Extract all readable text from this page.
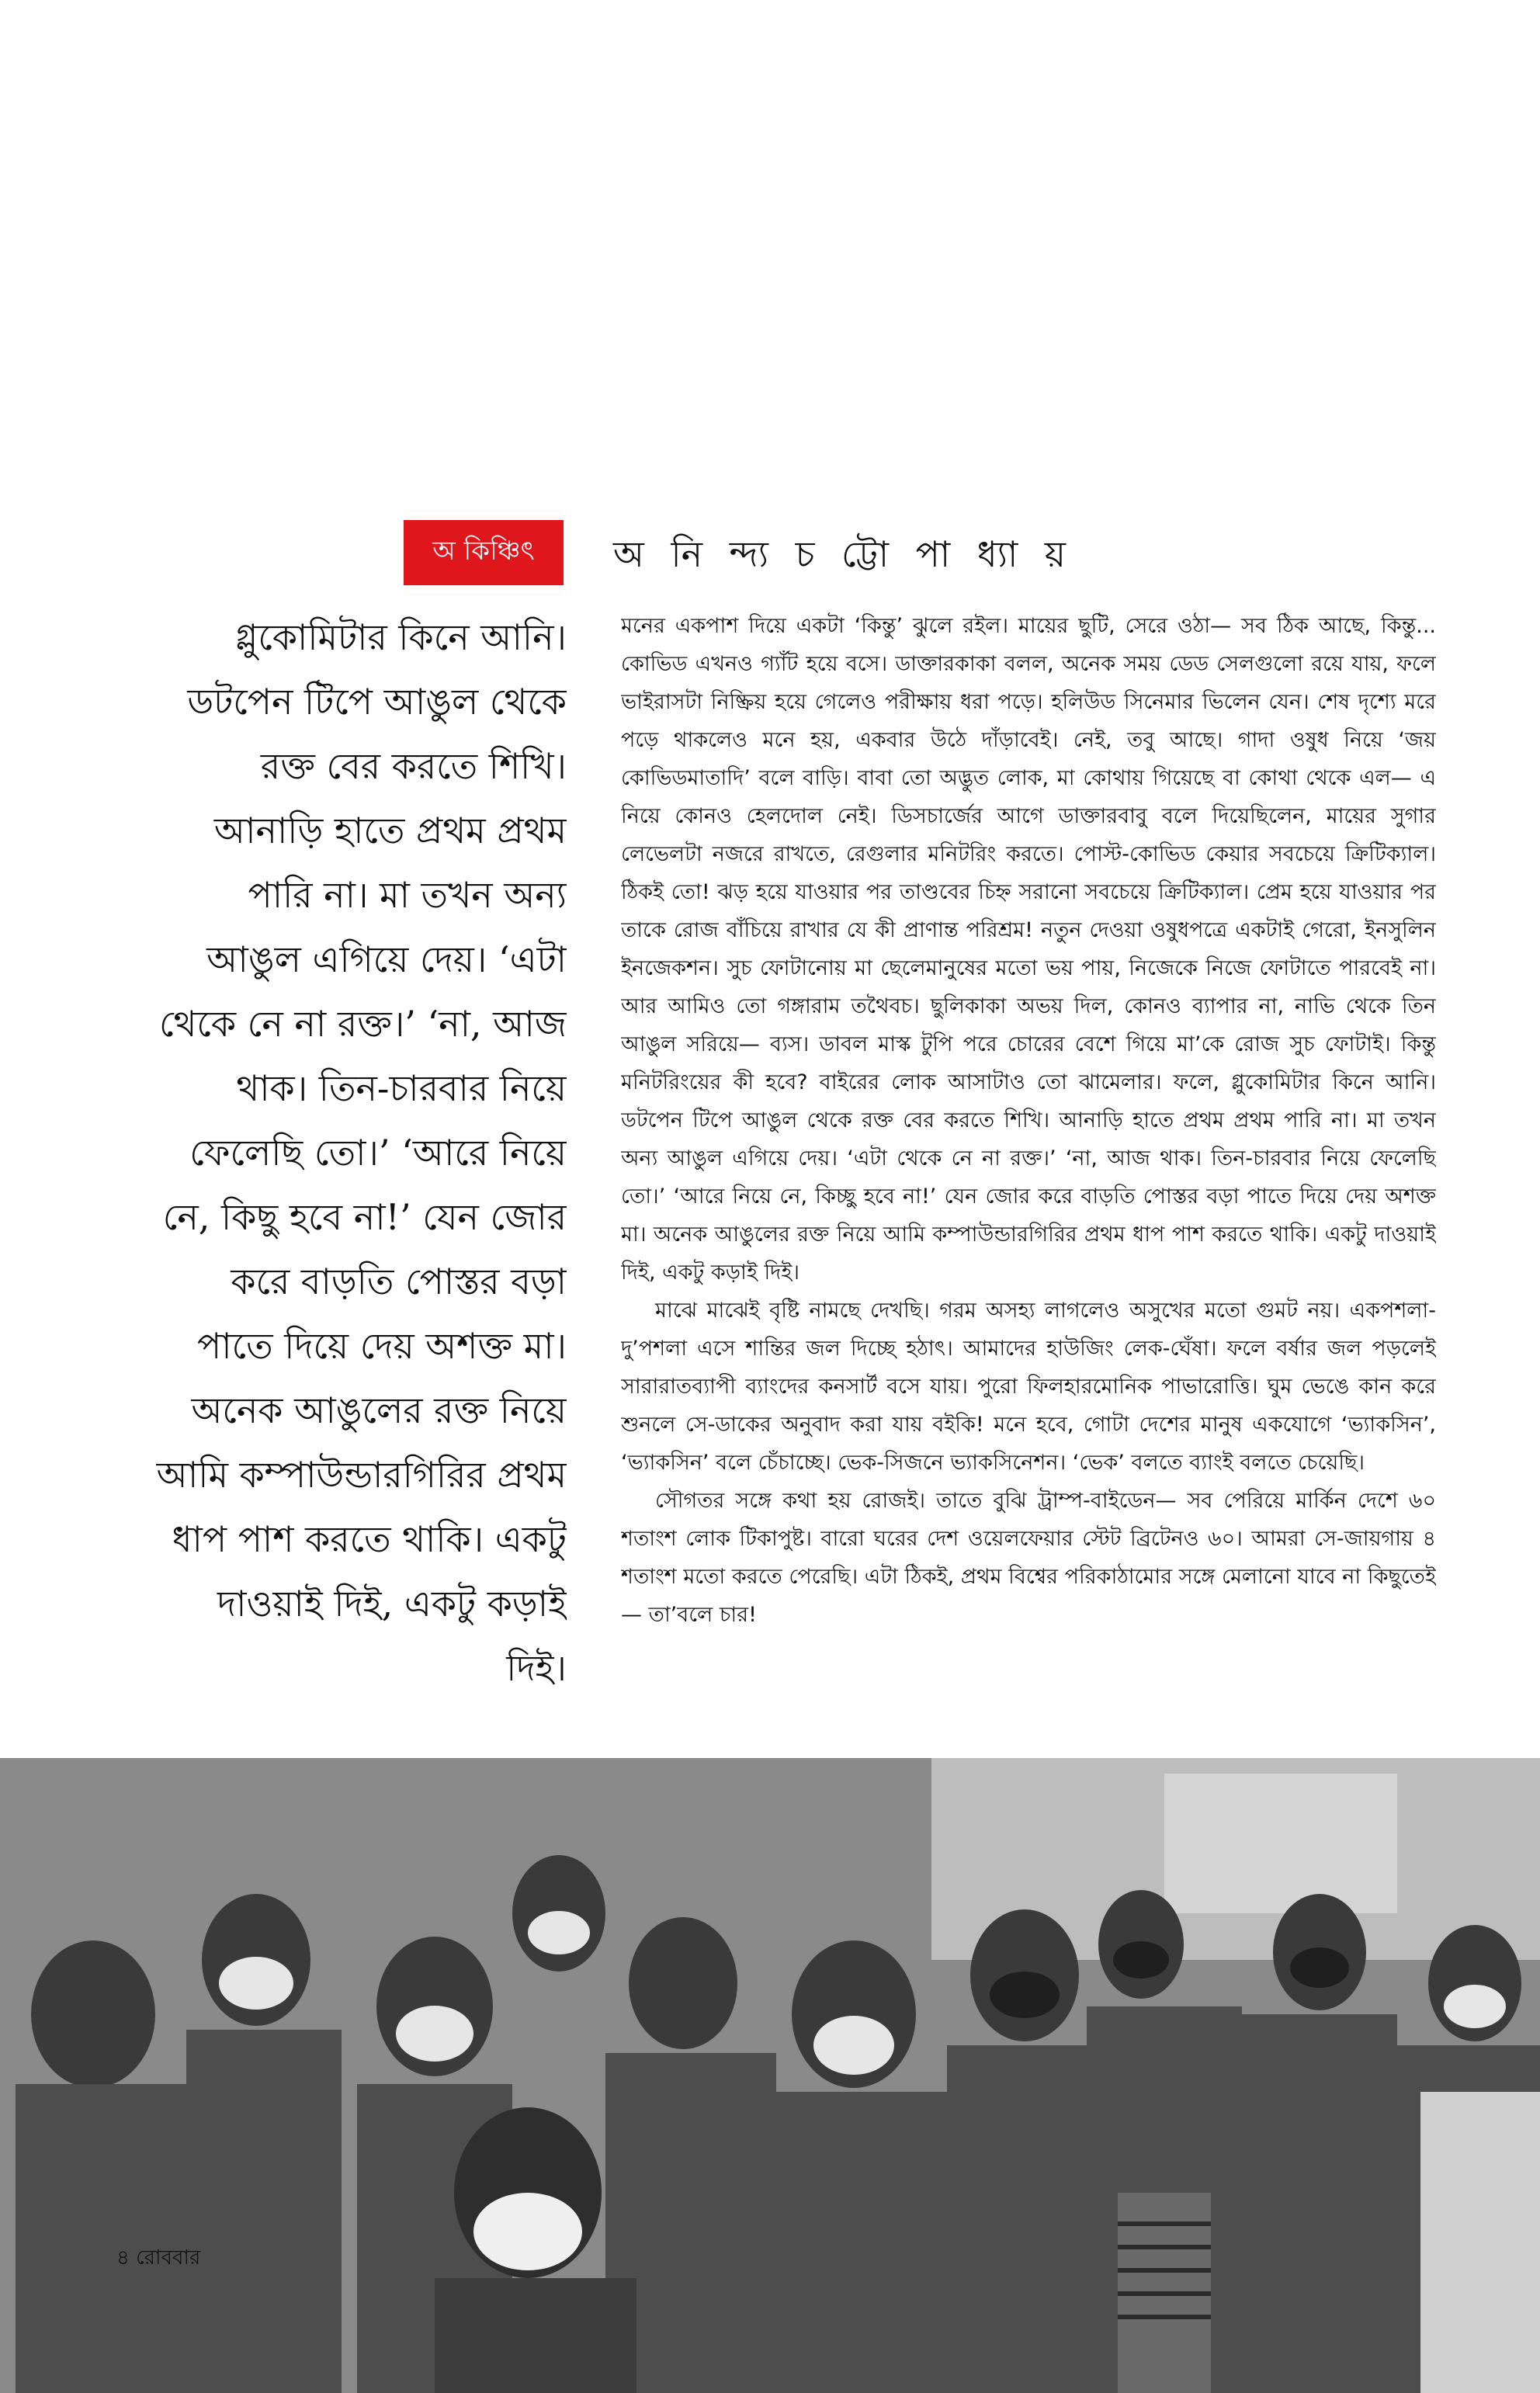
অ কিঞ্চিৎ	অ নি ন্দ্য চ ট্টো পা ধ্যা য়

গ্লুকোমিটার কিনে আনি। ডটপেন টিপে আঙুল থেকে রক্ত বের করতে শিখি। আনাড়ি হাতে প্রথম প্রথম পারি না। মা তখন অন্য আঙুল এগিয়ে দেয়। ‘এটা থেকে নে না রক্ত।’ ‘না, আজ থাক। তিন-চারবার নিয়ে ফেলেছি তো।’ ‘আরে নিয়ে নে, কিছু হবে না!’ যেন জোর করে বাড়তি পোস্তর বড়া পাতে দিয়ে দেয় অশক্ত মা। অনেক আঙুলের রক্ত নিয়ে আমি কম্পাউন্ডারগিরির প্রথম ধাপ পাশ করতে থাকি। একটু দাওয়াই দিই, একটু কড়াই দিই।

মনের একপাশ দিয়ে একটা ‘কিন্তু’ ঝুলে রইল। মায়ের ছুটি, সেরে ওঠা— সব ঠিক আছে, কিন্তু... কোভিড এখনও গ্যাঁট হয়ে বসে। ডাক্তারকাকা বলল, অনেক সময় ডেড সেলগুলো রয়ে যায়, ফলে ভাইরাসটা নিষ্ক্রিয় হয়ে গেলেও পরীক্ষায় ধরা পড়ে। হলিউড সিনেমার ভিলেন যেন। শেষ দৃশ্যে মরে পড়ে থাকলেও মনে হয়, একবার উঠে দাঁড়াবেই। নেই, তবু আছে। গাদা ওষুধ নিয়ে ‘জয় কোভিডমাতাদি’ বলে বাড়ি। বাবা তো অদ্ভুত লোক, মা কোথায় গিয়েছে বা কোথা থেকে এল— এ নিয়ে কোনও হেলদোল নেই। ডিসচার্জের আগে ডাক্তারবাবু বলে দিয়েছিলেন, মায়ের সুগার লেভেলটা নজরে রাখতে, রেগুলার মনিটরিং করতে। পোস্ট-কোভিড কেয়ার সবচেয়ে ক্রিটিক্যাল। ঠিকই তো! ঝড় হয়ে যাওয়ার পর তাণ্ডবের চিহ্ন সরানো সবচেয়ে ক্রিটিক্যাল। প্রেম হয়ে যাওয়ার পর তাকে রোজ বাঁচিয়ে রাখার যে কী প্রাণান্ত পরিশ্রম! নতুন দেওয়া ওষুধপত্রে একটাই গেরো, ইনসুলিন ইনজেকশন। সুচ ফোটানোয় মা ছেলেমানুষের মতো ভয় পায়, নিজেকে নিজে ফোটাতে পারবেই না। আর আমিও তো গঙ্গারাম তথৈবচ। ছুলিকাকা অভয় দিল, কোনও ব্যাপার না, নাভি থেকে তিন আঙুল সরিয়ে— ব্যস। ডাবল মাস্ক টুপি পরে চোরের বেশে গিয়ে মা’কে রোজ সুচ ফোটাই। কিন্তু মনিটরিংয়ের কী হবে? বাইরের লোক আসাটাও তো ঝামেলার। ফলে, গ্লুকোমিটার কিনে আনি। ডটপেন টিপে আঙুল থেকে রক্ত বের করতে শিখি। আনাড়ি হাতে প্রথম প্রথম পারি না। মা তখন অন্য আঙুল এগিয়ে দেয়। ‘এটা থেকে নে না রক্ত।’ ‘না, আজ থাক। তিন-চারবার নিয়ে ফেলেছি তো।’ ‘আরে নিয়ে নে, কিচ্ছু হবে না!’ যেন জোর করে বাড়তি পোস্তর বড়া পাতে দিয়ে দেয় অশক্ত মা। অনেক আঙুলের রক্ত নিয়ে আমি কম্পাউন্ডারগিরির প্রথম ধাপ পাশ করতে থাকি। একটু দাওয়াই দিই, একটু কড়াই দিই।

মাঝে মাঝেই বৃষ্টি নামছে দেখছি। গরম অসহ্য লাগলেও অসুখের মতো গুমট নয়। একপশলা-দু’পশলা এসে শান্তির জল দিচ্ছে হঠাৎ। আমাদের হাউজিং লেক-ঘেঁষা। ফলে বর্ষার জল পড়লেই সারারাতব্যাপী ব্যাংদের কনসার্ট বসে যায়। পুরো ফিলহারমোনিক পাভারোত্তি। ঘুম ভেঙে কান করে শুনলে সে-ডাকের অনুবাদ করা যায় বইকি! মনে হবে, গোটা দেশের মানুষ একযোগে ‘ভ্যাকসিন’, ‘ভ্যাকসিন’ বলে চেঁচাচ্ছে। ভেক-সিজনে ভ্যাকসিনেশন। ‘ভেক’ বলতে ব্যাংই বলতে চেয়েছি।

সৌগতর সঙ্গে কথা হয় রোজই। তাতে বুঝি ট্রাম্প-বাইডেন— সব পেরিয়ে মার্কিন দেশে ৬০ শতাংশ লোক টিকাপুষ্ট। বারো ঘরের দেশ ওয়েলফেয়ার স্টেট ব্রিটেনও ৬০। আমরা সে-জায়গায় ৪ শতাংশ মতো করতে পেরেছি। এটা ঠিকই, প্রথম বিশ্বের পরিকাঠামোর সঙ্গে মেলানো যাবে না কিছুতেই— তা’বলে চার!

৪ রোববার
